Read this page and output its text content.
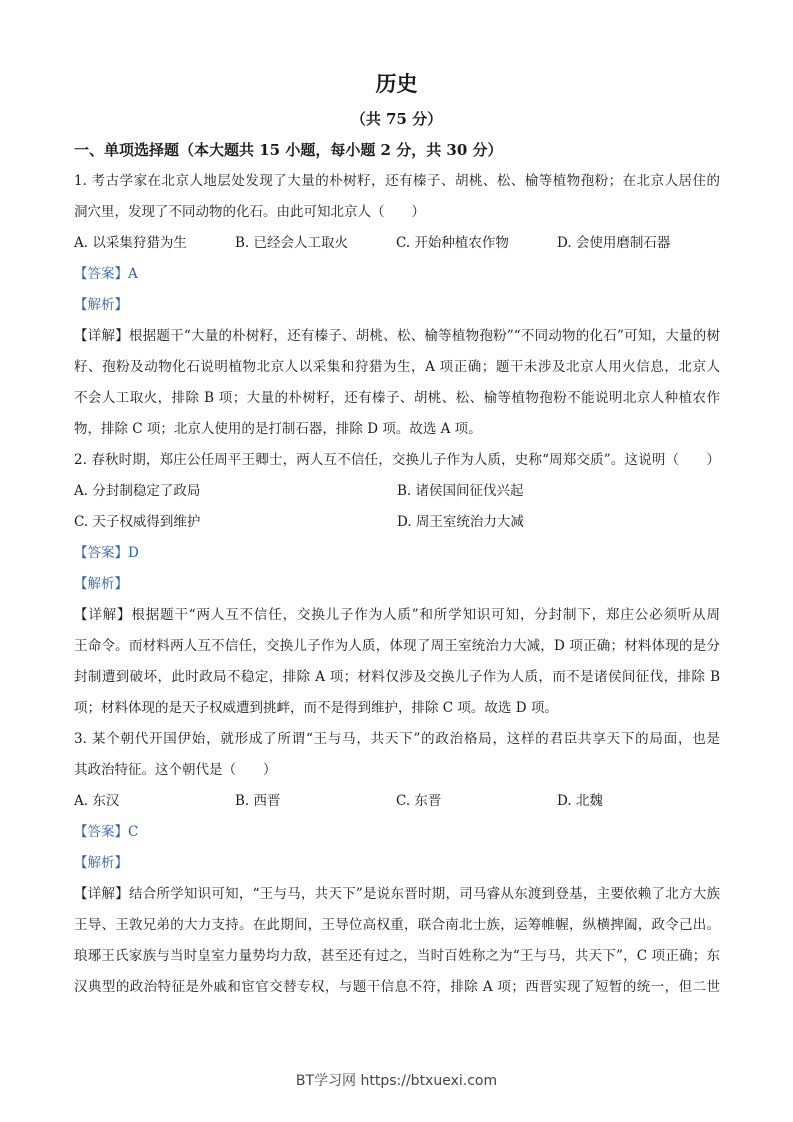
历史
（共 75 分）
一、单项选择题（本大题共 15 小题，每小题 2 分，共 30 分）
1. 考古学家在北京人地层处发现了大量的朴树籽，还有榛子、胡桃、松、榆等植物孢粉；在北京人居住的
洞穴里，发现了不同动物的化石。由此可知北京人（　　）
A. 以采集狩猎为生	B. 已经会人工取火	C. 开始种植农作物	D. 会使用磨制石器
【答案】A
【解析】
【详解】根据题干“大量的朴树籽，还有榛子、胡桃、松、榆等植物孢粉”“不同动物的化石”可知，大量的树
籽、孢粉及动物化石说明植物北京人以采集和狩猎为生，A 项正确；题干未涉及北京人用火信息，北京人
不会人工取火，排除 B 项；大量的朴树籽，还有榛子、胡桃、松、榆等植物孢粉不能说明北京人种植农作
物，排除 C 项；北京人使用的是打制石器，排除 D 项。故选 A 项。
2. 春秋时期，郑庄公任周平王卿士，两人互不信任，交换儿子作为人质，史称“周郑交质”。这说明（　　）
A. 分封制稳定了政局	B. 诸侯国间征伐兴起
C. 天子权威得到维护	D. 周王室统治力大减
【答案】D
【解析】
【详解】根据题干“两人互不信任，交换儿子作为人质”和所学知识可知，分封制下，郑庄公必须听从周
王命令。而材料两人互不信任，交换儿子作为人质，体现了周王室统治力大减，D 项正确；材料体现的是分
封制遭到破坏，此时政局不稳定，排除 A 项；材料仅涉及交换儿子作为人质，而不是诸侯间征伐，排除 B
项；材料体现的是天子权威遭到挑衅，而不是得到维护，排除 C 项。故选 D 项。
3. 某个朝代开国伊始，就形成了所谓“王与马，共天下”的政治格局，这样的君臣共享天下的局面，也是
其政治特征。这个朝代是（　　）
A. 东汉	B. 西晋	C. 东晋	D. 北魏
【答案】C
【解析】
【详解】结合所学知识可知，“王与马，共天下”是说东晋时期，司马睿从东渡到登基，主要依赖了北方大族
王导、王敦兄弟的大力支持。在此期间，王导位高权重，联合南北士族，运筹帷幄，纵横捭阖，政令己出。
琅琊王氏家族与当时皇室力量势均力敌，甚至还有过之，当时百姓称之为“王与马，共天下”，C 项正确；东
汉典型的政治特征是外戚和宦官交替专权，与题干信息不符，排除 A 项；西晋实现了短暂的统一，但二世
BT学习网 https://btxuexi.com
